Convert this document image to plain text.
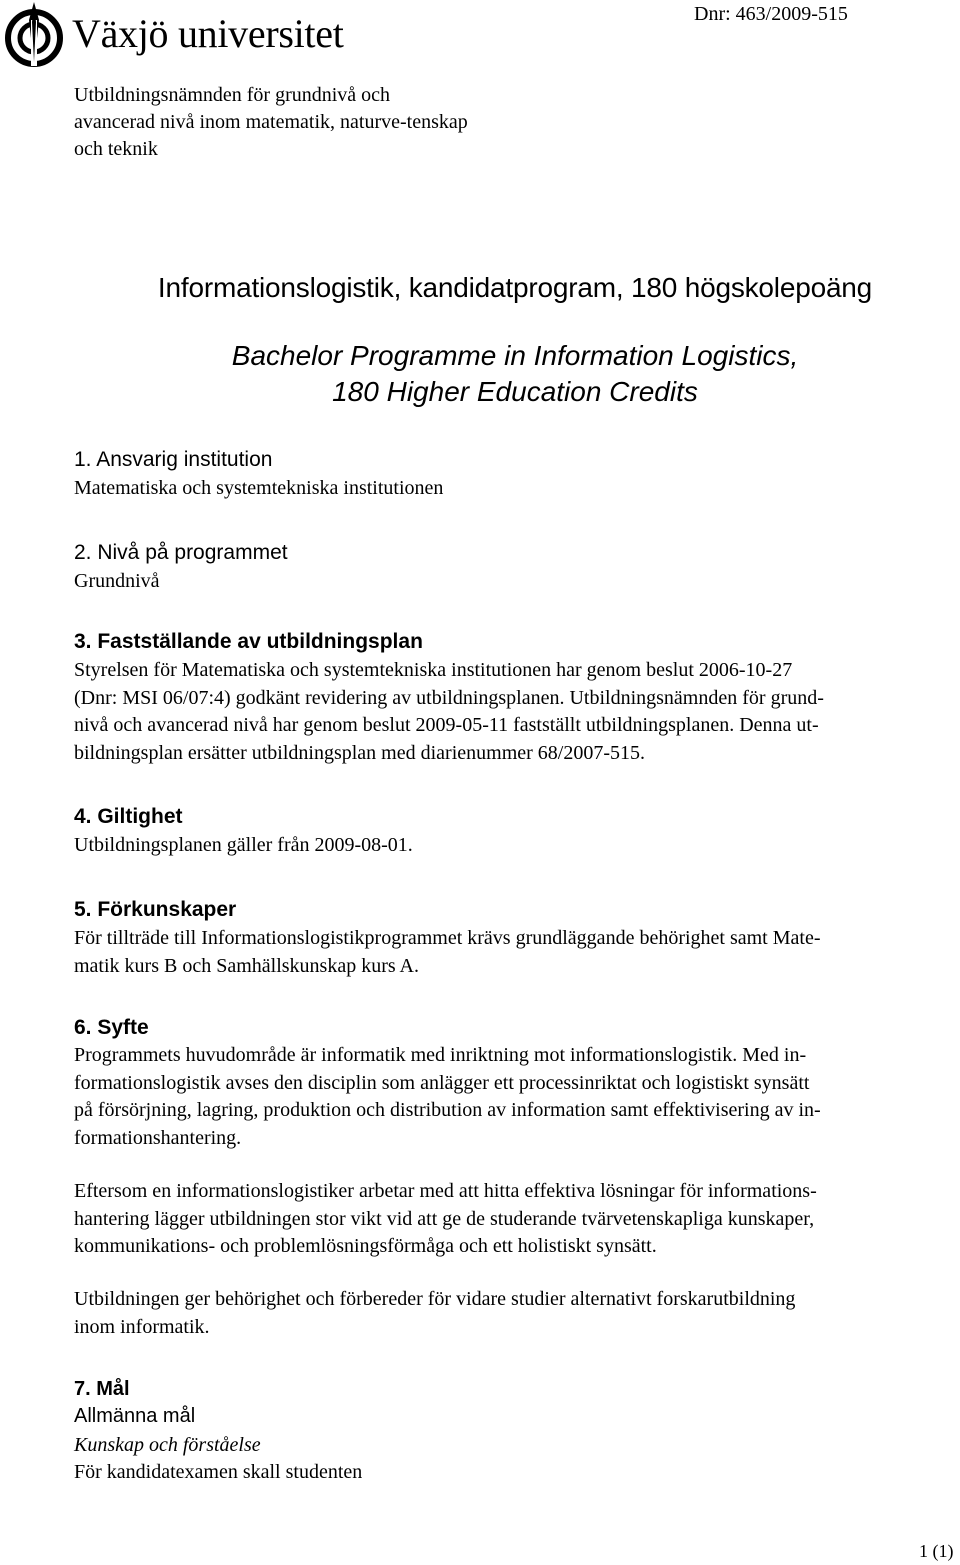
Växjö universitet	Dnr: 463/2009-515
Utbildningsnämnden för grundnivå och avancerad nivå inom matematik, naturve-tenskap och teknik
Informationslogistik, kandidatprogram, 180 högskolepoäng
Bachelor Programme in Information Logistics,
180 Higher Education Credits
1. Ansvarig institution
Matematiska och systemtekniska institutionen
2. Nivå på programmet
Grundnivå
3. Fastställande av utbildningsplan
Styrelsen för Matematiska och systemtekniska institutionen har genom beslut 2006-10-27
(Dnr: MSI 06/07:4) godkänt revidering av utbildningsplanen. Utbildningsnämnden för grund-
nivå och avancerad nivå har genom beslut 2009-05-11 fastställt utbildningsplanen. Denna ut-
bildningsplan ersätter utbildningsplan med diarienummer 68/2007-515.
4. Giltighet
Utbildningsplanen gäller från 2009-08-01.
5. Förkunskaper
För tillträde till Informationslogistikprogrammet krävs grundläggande behörighet samt Mate-
matik kurs B och Samhällskunskap kurs A.
6. Syfte
Programmets huvudområde är informatik med inriktning mot informationslogistik. Med in-
formationslogistik avses den disciplin som anlägger ett processinriktat och logistiskt synsätt
på försörjning, lagring, produktion och distribution av information samt effektivisering av in-
formationshantering.
Eftersom en informationslogistiker arbetar med att hitta effektiva lösningar för informations-
hantering lägger utbildningen stor vikt vid att ge de studerande tvärvetenskapliga kunskaper,
kommunikations- och problemlösningsförmåga och ett holistiskt synsätt.
Utbildningen ger behörighet och förbereder för vidare studier alternativt forskarutbildning
inom informatik.
7. Mål
Allmänna mål
Kunskap och förståelse
För kandidatexamen skall studenten
1 (1)
